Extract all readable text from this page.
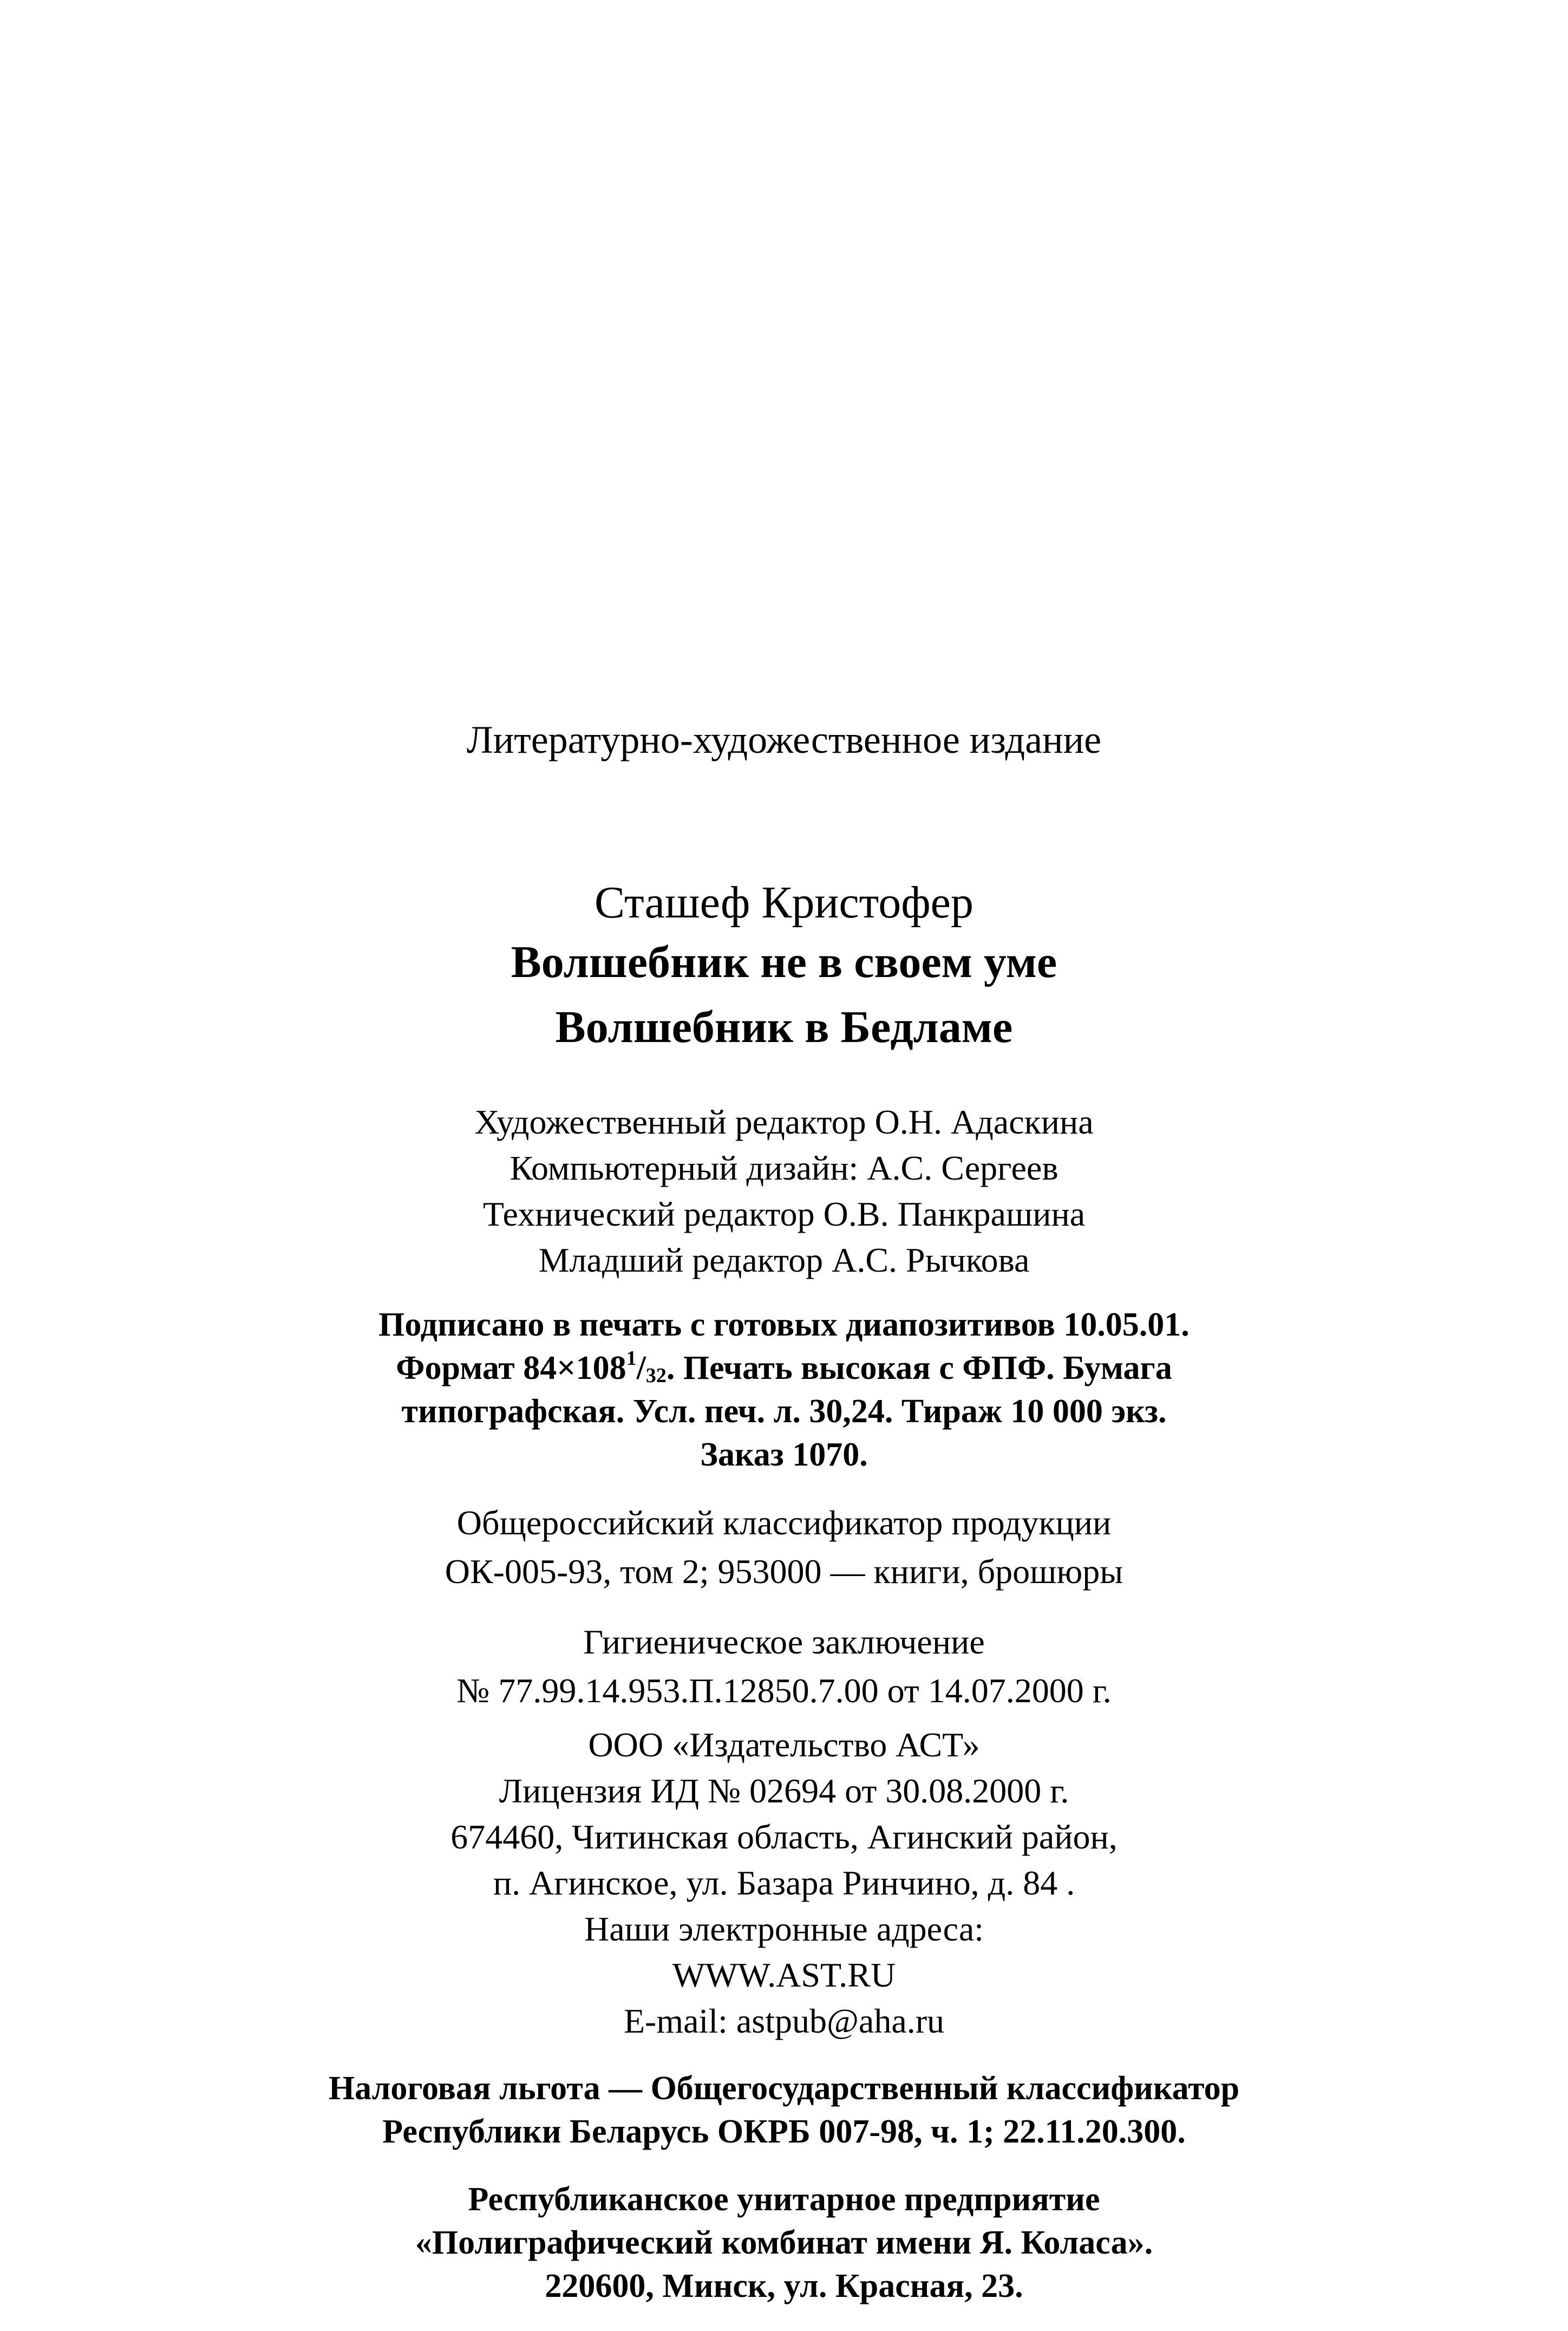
Литературно-художественное издание
Сташеф Кристофер
Волшебник не в своем уме
Волшебник в Бедламе
Художественный редактор О.Н. Адаскина
Компьютерный дизайн: А.С. Сергеев
Технический редактор О.В. Панкрашина
Младший редактор А.С. Рычкова
Подписано в печать с готовых диапозитивов 10.05.01.
Формат $84\times 108^1/32$. Печать высокая с ФПФ. Бумага
типографская. Усл. печ. л. 30,24. Тираж 10 000 экз.
Заказ 1070.
Общероссийский классификатор продукции
ОК-005-93, том 2; 953000 — книги, брошюры
Гигиеническое заключение
№ 77.99.14.953.П.12850.7.00 от 14.07.2000 г.
ООО «Издательство АСТ»
Лицензия ИД № 02694 от 30.08.2000 г.
674460, Читинская область, Агинский район,
п. Агинское, ул. Базара Ринчино, д. 84 .
Наши электронные адреса:
WWW.AST.RU
E-mail: astpub@aha.ru
Налоговая льгота — Общегосударственный классификатор
Республики Беларусь ОКРБ 007-98, ч. 1; 22.11.20.300.
Республиканское унитарное предприятие
«Полиграфический комбинат имени Я. Коласа».
220600, Минск, ул. Красная, 23.
